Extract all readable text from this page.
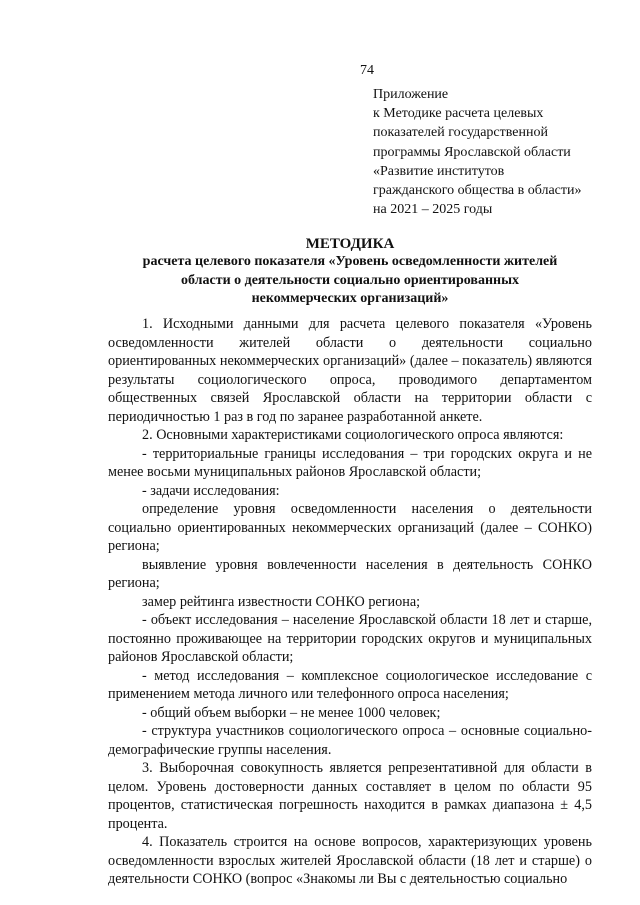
74
Приложение
к Методике расчета целевых
показателей государственной
программы Ярославской области
«Развитие институтов
гражданского общества в области»
на 2021 – 2025 годы
МЕТОДИКА
расчета целевого показателя «Уровень осведомленности жителей
области о деятельности социально ориентированных
некоммерческих организаций»

1. Исходными данными для расчета целевого показателя «Уровень осведомленности жителей области о деятельности социально ориентированных некоммерческих организаций» (далее – показатель) являются результаты социологического опроса, проводимого департаментом общественных связей Ярославской области на территории области с периодичностью 1 раз в год по заранее разработанной анкете.

2. Основными характеристиками социологического опроса являются:

- территориальные границы исследования – три городских округа и не менее восьми муниципальных районов Ярославской области;

- задачи исследования:

определение уровня осведомленности населения о деятельности социально ориентированных некоммерческих организаций (далее – СОНКО) региона;

выявление уровня вовлеченности населения в деятельность СОНКО региона;

замер рейтинга известности СОНКО региона;

- объект исследования – население Ярославской области 18 лет и старше, постоянно проживающее на территории городских округов и муниципальных районов Ярославской области;

- метод исследования – комплексное социологическое исследование с применением метода личного или телефонного опроса населения;

- общий объем выборки – не менее 1000 человек;

- структура участников социологического опроса – основные социально-демографические группы населения.

3. Выборочная совокупность является репрезентативной для области в целом. Уровень достоверности данных составляет в целом по области 95 процентов, статистическая погрешность находится в рамках диапазона ± 4,5 процента.

4. Показатель строится на основе вопросов, характеризующих уровень осведомленности взрослых жителей Ярославской области (18 лет и старше) о деятельности СОНКО (вопрос «Знакомы ли Вы с деятельностью социально
